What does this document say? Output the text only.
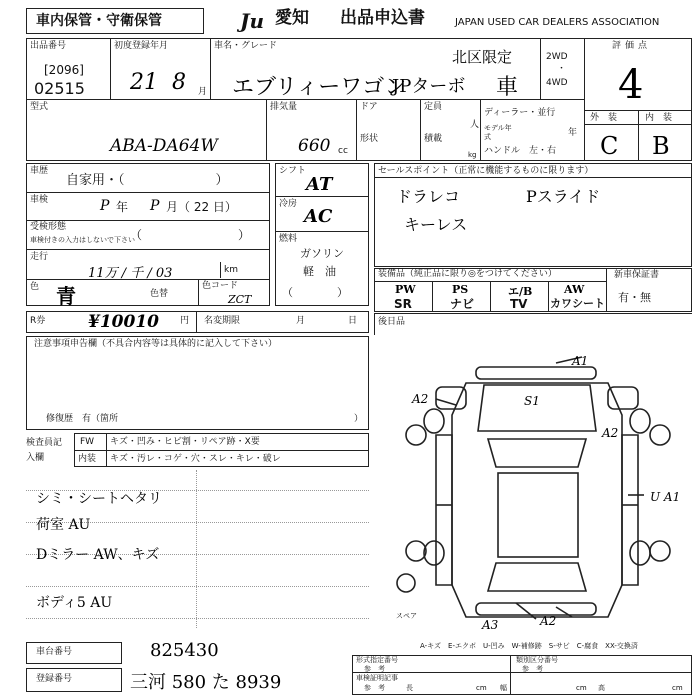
車内保管・守衛保管	Ju 愛知 出品申込書	JAPAN USED CAR DEALERS ASSOCIATION
出品番号
[2096]
02515
初度登録年月
21 8 月
車名・グレード
エブリィーワゴン
JPターボ
北区限定
車
2WD
・
4WD
評価点
4
型式
ABA-DA64W
排気量
660 cc
ドア
形状
定員
人
積載
kg
ディーラー・並行
モデル年式	年
ハンドル　左・右
外　装	内　装
C B
車歴
自家用・（　　　　　　　）
車検	P 年 P 月（ 22 日）
受検形態
車検付きの入力はしないで下さい
（　　　　　　　　）
走行
11万 / 千 / 03	km
色 青	色替
色コード
ZCT
シフト
AT
冷房
AC
燃料
ガソリン
軽　油
（　　　　）
セールスポイント（正常に機能するものに限ります）
ドラレコ	Pスライド
キーレス
装備品（純正品に限り◎をつけてください）
PW	PS	エ/B	AW
SR	ナビ	TV カワシート
新車保証書
有・無
R券	¥10010 円 名変期限	月	日 後日品
注意事項申告欄（不具合内容等は具体的に記入して下さい）
修復歴　有（箇所	）
検査員記入欄
FW キズ・凹み・ヒビ割・リペア跡・X要
内装 キズ・汚レ・コゲ・穴・スレ・キレ・破レ
シミ・シートヘタリ
荷室 AU
Dミラー AW、キズ
ボディ5 AU
A1
A2	S1
A2
U A1
A3	A2
スペア
A-キズ　E-エクボ　U-凹み　W-補修跡　S-サビ　C-腐食　XX-交換済
車台番号	825430
登録番号	三河 580 た 8939
形式指定番号
参　考
類別区分番号
参　考
車検証明記事
参　考	長	cm 幅	cm 高	cm
